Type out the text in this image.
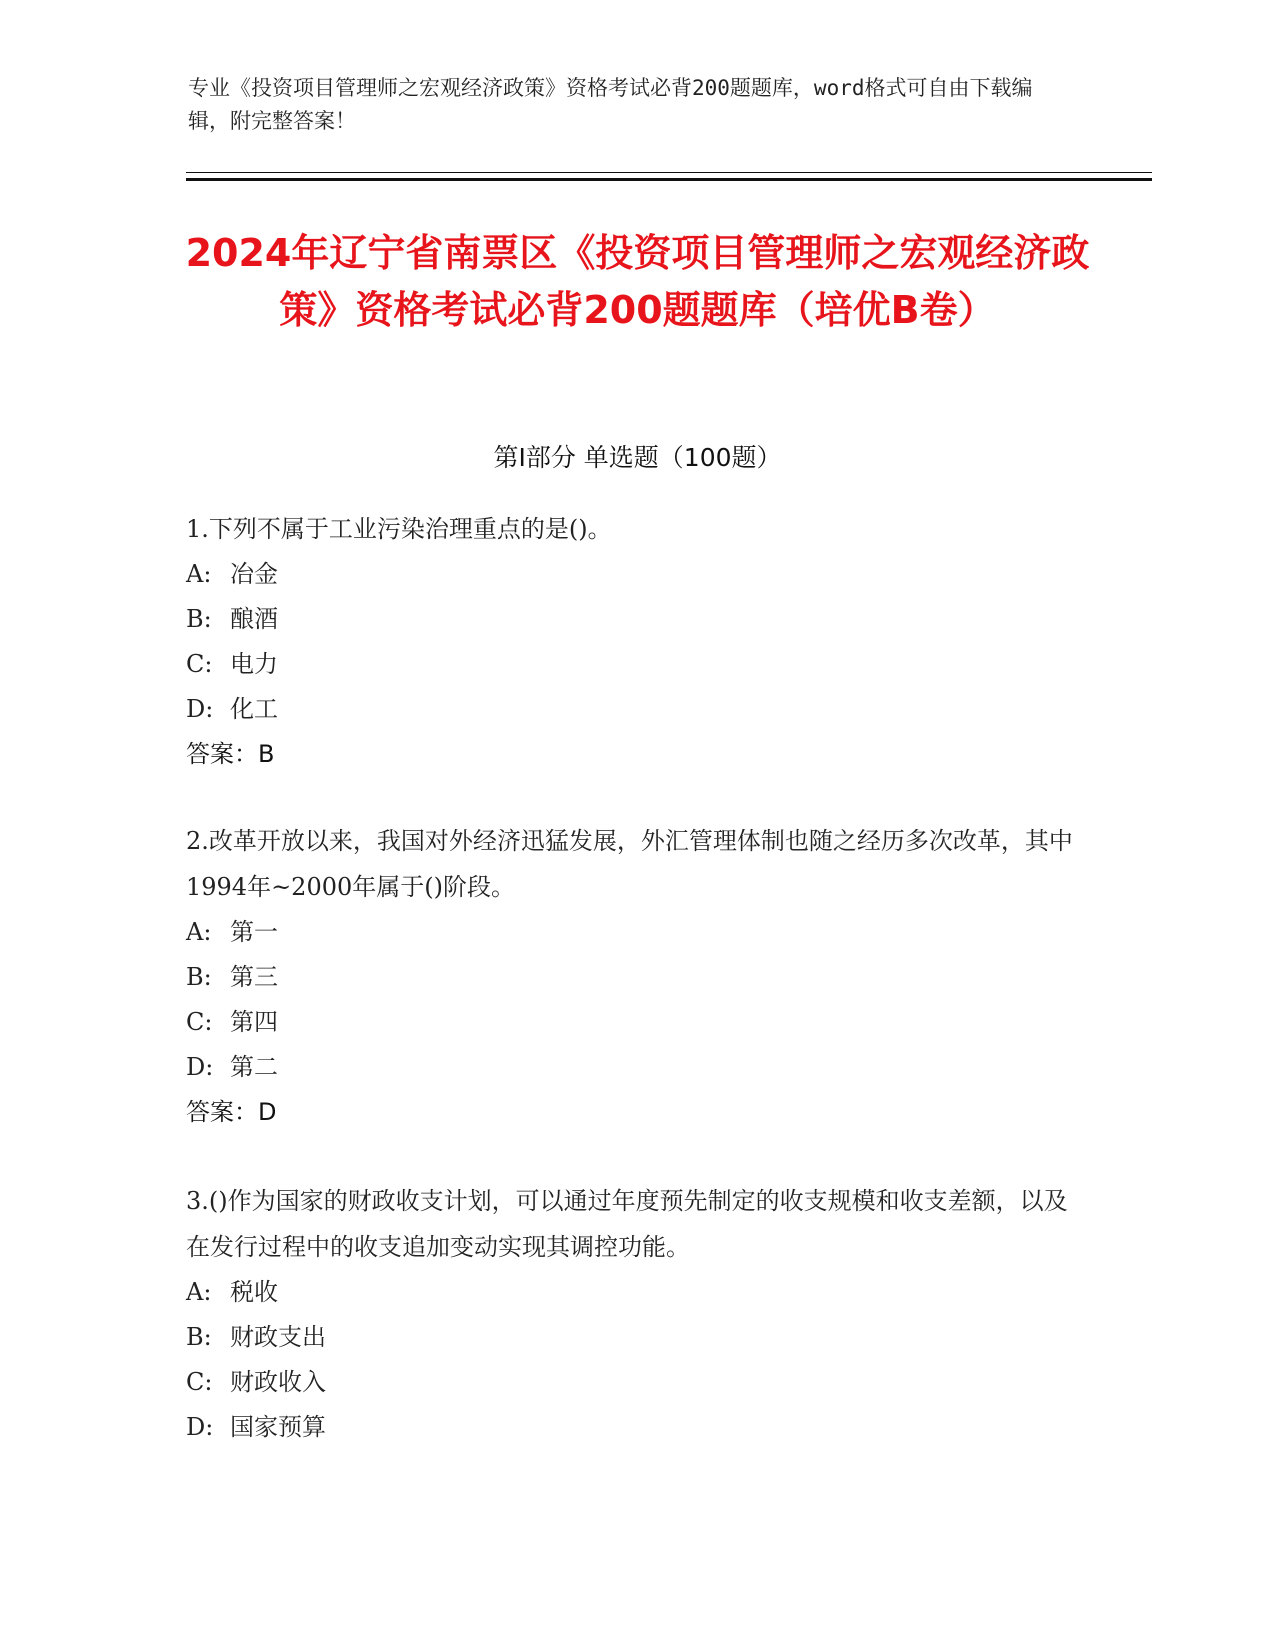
专业《投资项目管理师之宏观经济政策》资格考试必背200题题库，word格式可自由下载编辑，附完整答案！
2024年辽宁省南票区《投资项目管理师之宏观经济政策》资格考试必背200题题库（培优B卷）
第Ⅰ部分 单选题（100题）
1.下列不属于工业污染治理重点的是()。
A: 冶金
B: 酿酒
C: 电力
D: 化工
答案：B
2.改革开放以来，我国对外经济迅猛发展，外汇管理体制也随之经历多次改革，其中1994年~2000年属于()阶段。
A: 第一
B: 第三
C: 第四
D: 第二
答案：D
3.()作为国家的财政收支计划，可以通过年度预先制定的收支规模和收支差额，以及在发行过程中的收支追加变动实现其调控功能。
A: 税收
B: 财政支出
C: 财政收入
D: 国家预算
